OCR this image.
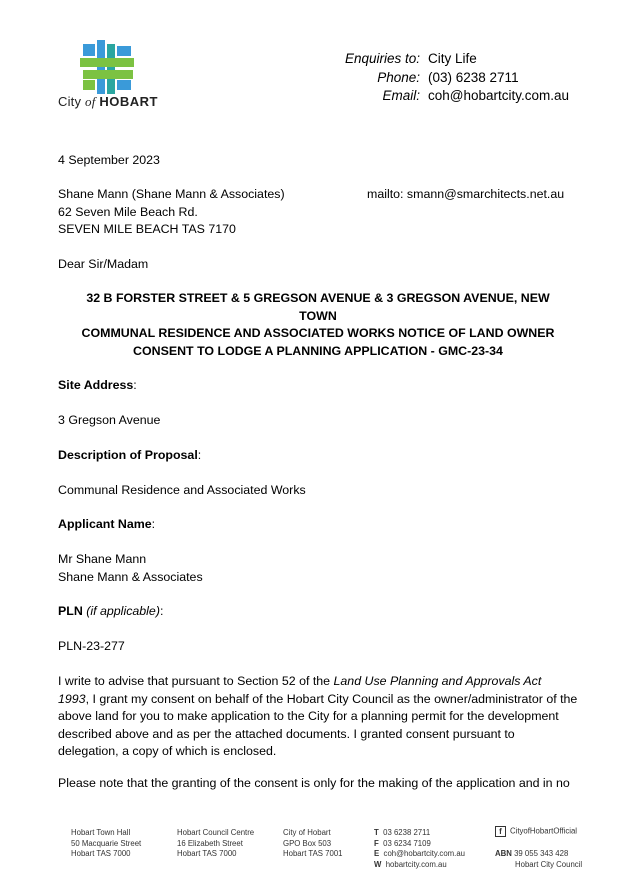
City of HOBART
Enquiries to:
Phone:
Email:
City Life
(03) 6238 2711
coh@hobartcity.com.au
4 September 2023
Shane Mann (Shane Mann & Associates)
62 Seven Mile Beach Rd.
SEVEN MILE BEACH TAS 7170
mailto: smann@smarchitects.net.au
Dear Sir/Madam
32 B FORSTER STREET & 5 GREGSON AVENUE & 3 GREGSON AVENUE, NEW
TOWN
COMMUNAL RESIDENCE AND ASSOCIATED WORKS NOTICE OF LAND OWNER
CONSENT TO LODGE A PLANNING APPLICATION - GMC-23-34
Site Address:
3 Gregson Avenue
Description of Proposal:
Communal Residence and Associated Works
Applicant Name:
Mr Shane Mann
Shane Mann & Associates
PLN (if applicable):
PLN-23-277
I write to advise that pursuant to Section 52 of the Land Use Planning and Approvals Act
1993, I grant my consent on behalf of the Hobart City Council as the owner/administrator of the
above land for you to make application to the City for a planning permit for the development
described above and as per the attached documents. I granted consent pursuant to
delegation, a copy of which is enclosed.
Please note that the granting of the consent is only for the making of the application and in no
Hobart Town Hall
50 Macquarie Street
Hobart TAS 7000
Hobart Council Centre
16 Elizabeth Street
Hobart TAS 7000
City of Hobart
GPO Box 503
Hobart TAS 7001
T 03 6238 2711
F 03 6234 7109
E coh@hobartcity.com.au
W hobartcity.com.au
f CityofHobartOfficial
ABN 39 055 343 428
Hobart City Council
